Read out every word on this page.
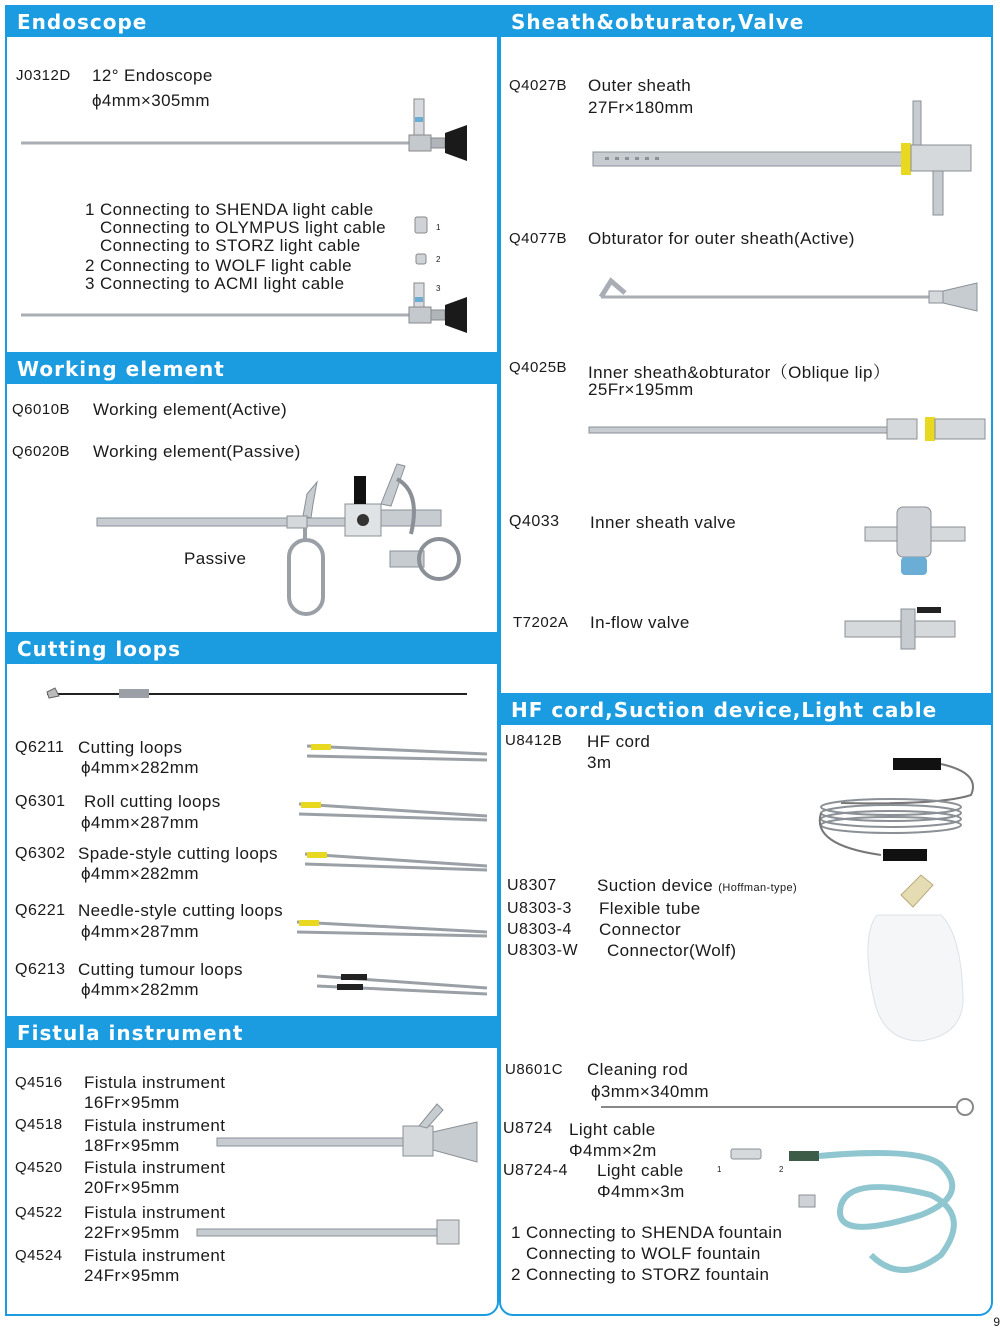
Endoscope
J0312D 12° Endoscope
ϕ4mm×305mm
1 Connecting to SHENDA light cable
Connecting to OLYMPUS light cable
Connecting to STORZ light cable
2 Connecting to WOLF light cable
3 Connecting to ACMI light cable
1
2
3
Working element
Q6010B Working element(Active)
Q6020B Working element(Passive)
Passive
Cutting loops
Q6211 Cutting loops
ϕ4mm×282mm
Q6301 Roll cutting loops
ϕ4mm×287mm
Q6302 Spade-style cutting loops
ϕ4mm×282mm
Q6221 Needle-style cutting loops
ϕ4mm×287mm
Q6213 Cutting tumour loops
ϕ4mm×282mm
Fistula instrument
Q4516 Fistula instrument
16Fr×95mm
Q4518 Fistula instrument
18Fr×95mm
Q4520 Fistula instrument
20Fr×95mm
Q4522 Fistula instrument
22Fr×95mm
Q4524 Fistula instrument
24Fr×95mm
Sheath&obturator,Valve
Q4027B Outer sheath
27Fr×180mm
Q4077B Obturator for outer sheath(Active)
Q4025B Inner sheath&obturator（Oblique lip）
25Fr×195mm
Q4033 Inner sheath valve
T7202A In-flow valve
HF cord,Suction device,Light cable
U8412B HF cord
3m
U8307 Suction device (Hoffman-type)
U8303-3 Flexible tube
U8303-4 Connector
U8303-W Connector(Wolf)
U8601C Cleaning rod
ϕ3mm×340mm
U8724 Light cable
Φ4mm×2m
U8724-4 Light cable
Φ4mm×3m
1	2
1 Connecting to SHENDA fountain
Connecting to WOLF fountain
2 Connecting to STORZ fountain
9
